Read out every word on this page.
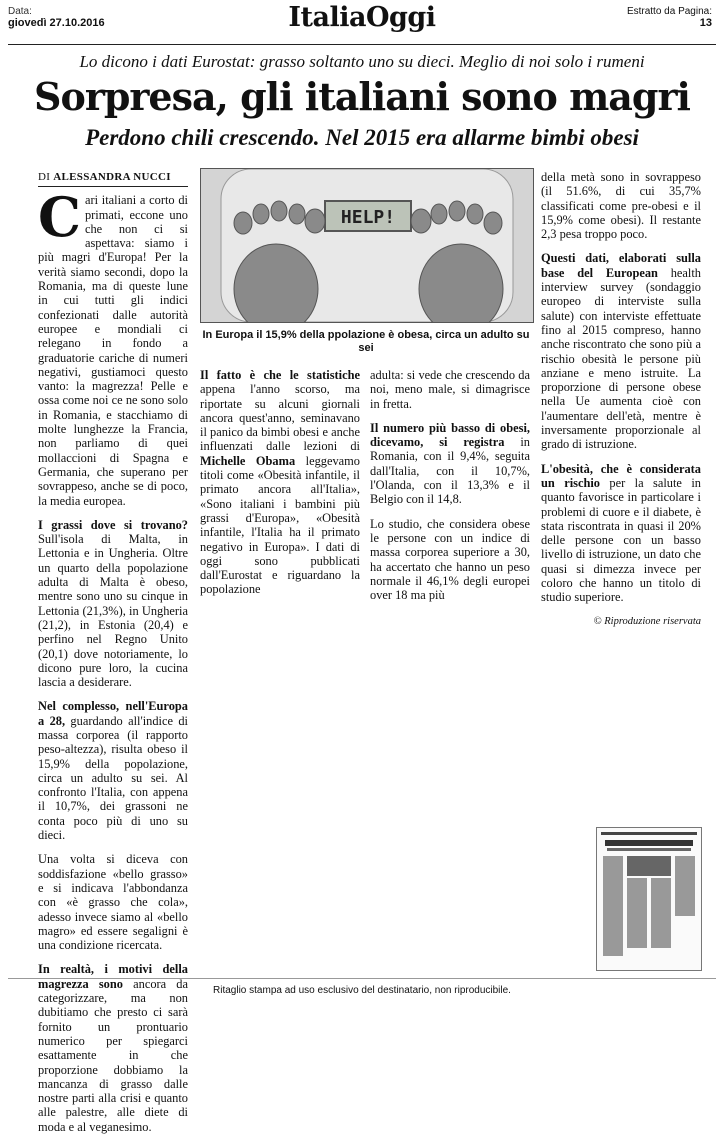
Data:
giovedì 27.10.2016	ItaliaOggi	Estratto da Pagina:
13
Lo dicono i dati Eurostat: grasso soltanto uno su dieci. Meglio di noi solo i rumeni
Sorpresa, gli italiani sono magri
Perdono chili crescendo. Nel 2015 era allarme bimbi obesi
DI ALESSANDRA NUCCI

Cari italiani a corto di primati, eccone uno che non ci si aspettava: siamo i più magri d'Europa! Per la verità siamo secondi, dopo la Romania, ma di queste lune in cui tutti gli indici confezionati dalle autorità europee e mondiali ci relegano in fondo a graduatorie cariche di numeri negativi, gustiamoci questo vanto: la magrezza! Pelle e ossa come noi ce ne sono solo in Romania, e stacchiamo di molte lunghezze la Francia, non parliamo di quei mollaccioni di Spagna e Germania, che superano per sovrappeso, anche se di poco, la media europea.

I grassi dove si trovano? Sull'isola di Malta, in Lettonia e in Ungheria. Oltre un quarto della popolazione adulta di Malta è obeso, mentre sono uno su cinque in Lettonia (21,3%), in Ungheria (21,2), in Estonia (20,4) e perfino nel Regno Unito (20,1) dove notoriamente, lo dicono pure loro, la cucina lascia a desiderare.

Nel complesso, nell'Europa a 28, guardando all'indice di massa corporea (il rapporto peso-altezza), risulta obeso il 15,9% della popolazione, circa un adulto su sei. Al confronto l'Italia, con appena il 10,7%, dei grassoni ne conta poco più di uno su dieci.

Una volta si diceva con soddisfazione «bello grasso» e si indicava l'abbondanza con «è grasso che cola», adesso invece siamo al «bello magro» ed essere segaligni è una condizione ricercata.

In realtà, i motivi della magrezza sono ancora da categorizzare, ma non dubitiamo che presto ci sarà fornito un prontuario numerico per spiegarci esattamente in che proporzione dobbiamo la mancanza di grasso dalle nostre parti alla crisi e quanto alle palestre, alle diete di moda e al veganesimo.

HELP!
In Europa il 15,9% della ppolazione è obesa, circa un adulto su sei

Il fatto è che le statistiche appena l'anno scorso, ma riportate su alcuni giornali ancora quest'anno, seminavano il panico da bimbi obesi e anche influenzati dalle lezioni di Michelle Obama leggevamo titoli come «Obesità infantile, il primato ancora all'Italia», «Sono italiani i bambini più grassi d'Europa», «Obesità infantile, l'Italia ha il primato negativo in Europa». I dati di oggi sono pubblicati dall'Eurostat e riguardano la popolazione

adulta: si vede che crescendo da noi, meno male, si dimagrisce in fretta.

Il numero più basso di obesi, dicevamo, si registra in Romania, con il 9,4%, seguita dall'Italia, con il 10,7%, l'Olanda, con il 13,3% e il Belgio con il 14,8.

Lo studio, che considera obese le persone con un indice di massa corporea superiore a 30, ha accertato che hanno un peso normale il 46,1% degli europei over 18 ma più

della metà sono in sovrappeso (il 51.6%, di cui 35,7% classificati come pre-obesi e il 15,9% come obesi). Il restante 2,3 pesa troppo poco.

Questi dati, elaborati sulla base del European health interview survey (sondaggio europeo di interviste sulla salute) con interviste effettuate fino al 2015 compreso, hanno anche riscontrato che sono più a rischio obesità le persone più anziane e meno istruite. La proporzione di persone obese nella Ue aumenta cioè con l'aumentare dell'età, mentre è inversamente proporzionale al grado di istruzione.

L'obesità, che è considerata un rischio per la salute in quanto favorisce in particolare i problemi di cuore e il diabete, è stata riscontrata in quasi il 20% delle persone con un basso livello di istruzione, un dato che quasi si dimezza invece per coloro che hanno un titolo di studio superiore.

© Riproduzione riservata
Ritaglio stampa ad uso esclusivo del destinatario, non riproducibile.
